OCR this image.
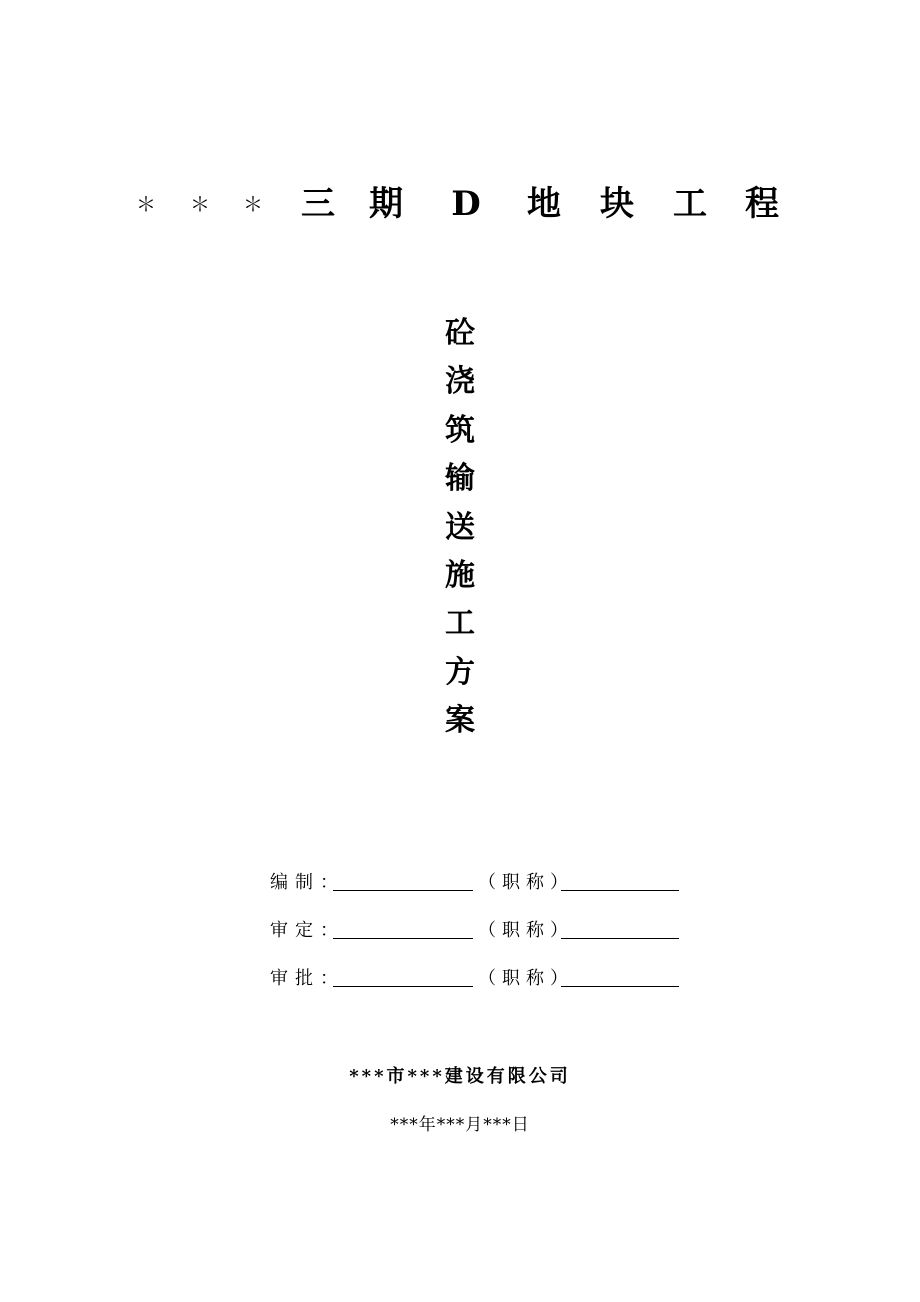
＊	＊	＊	三 期 D 地 块 工 程
砼
浇
筑
输
送
施
工
方
案
编制：	（职称）
审定：	（职称）
审批：	（职称）
***市***建设有限公司
***年***月***日
